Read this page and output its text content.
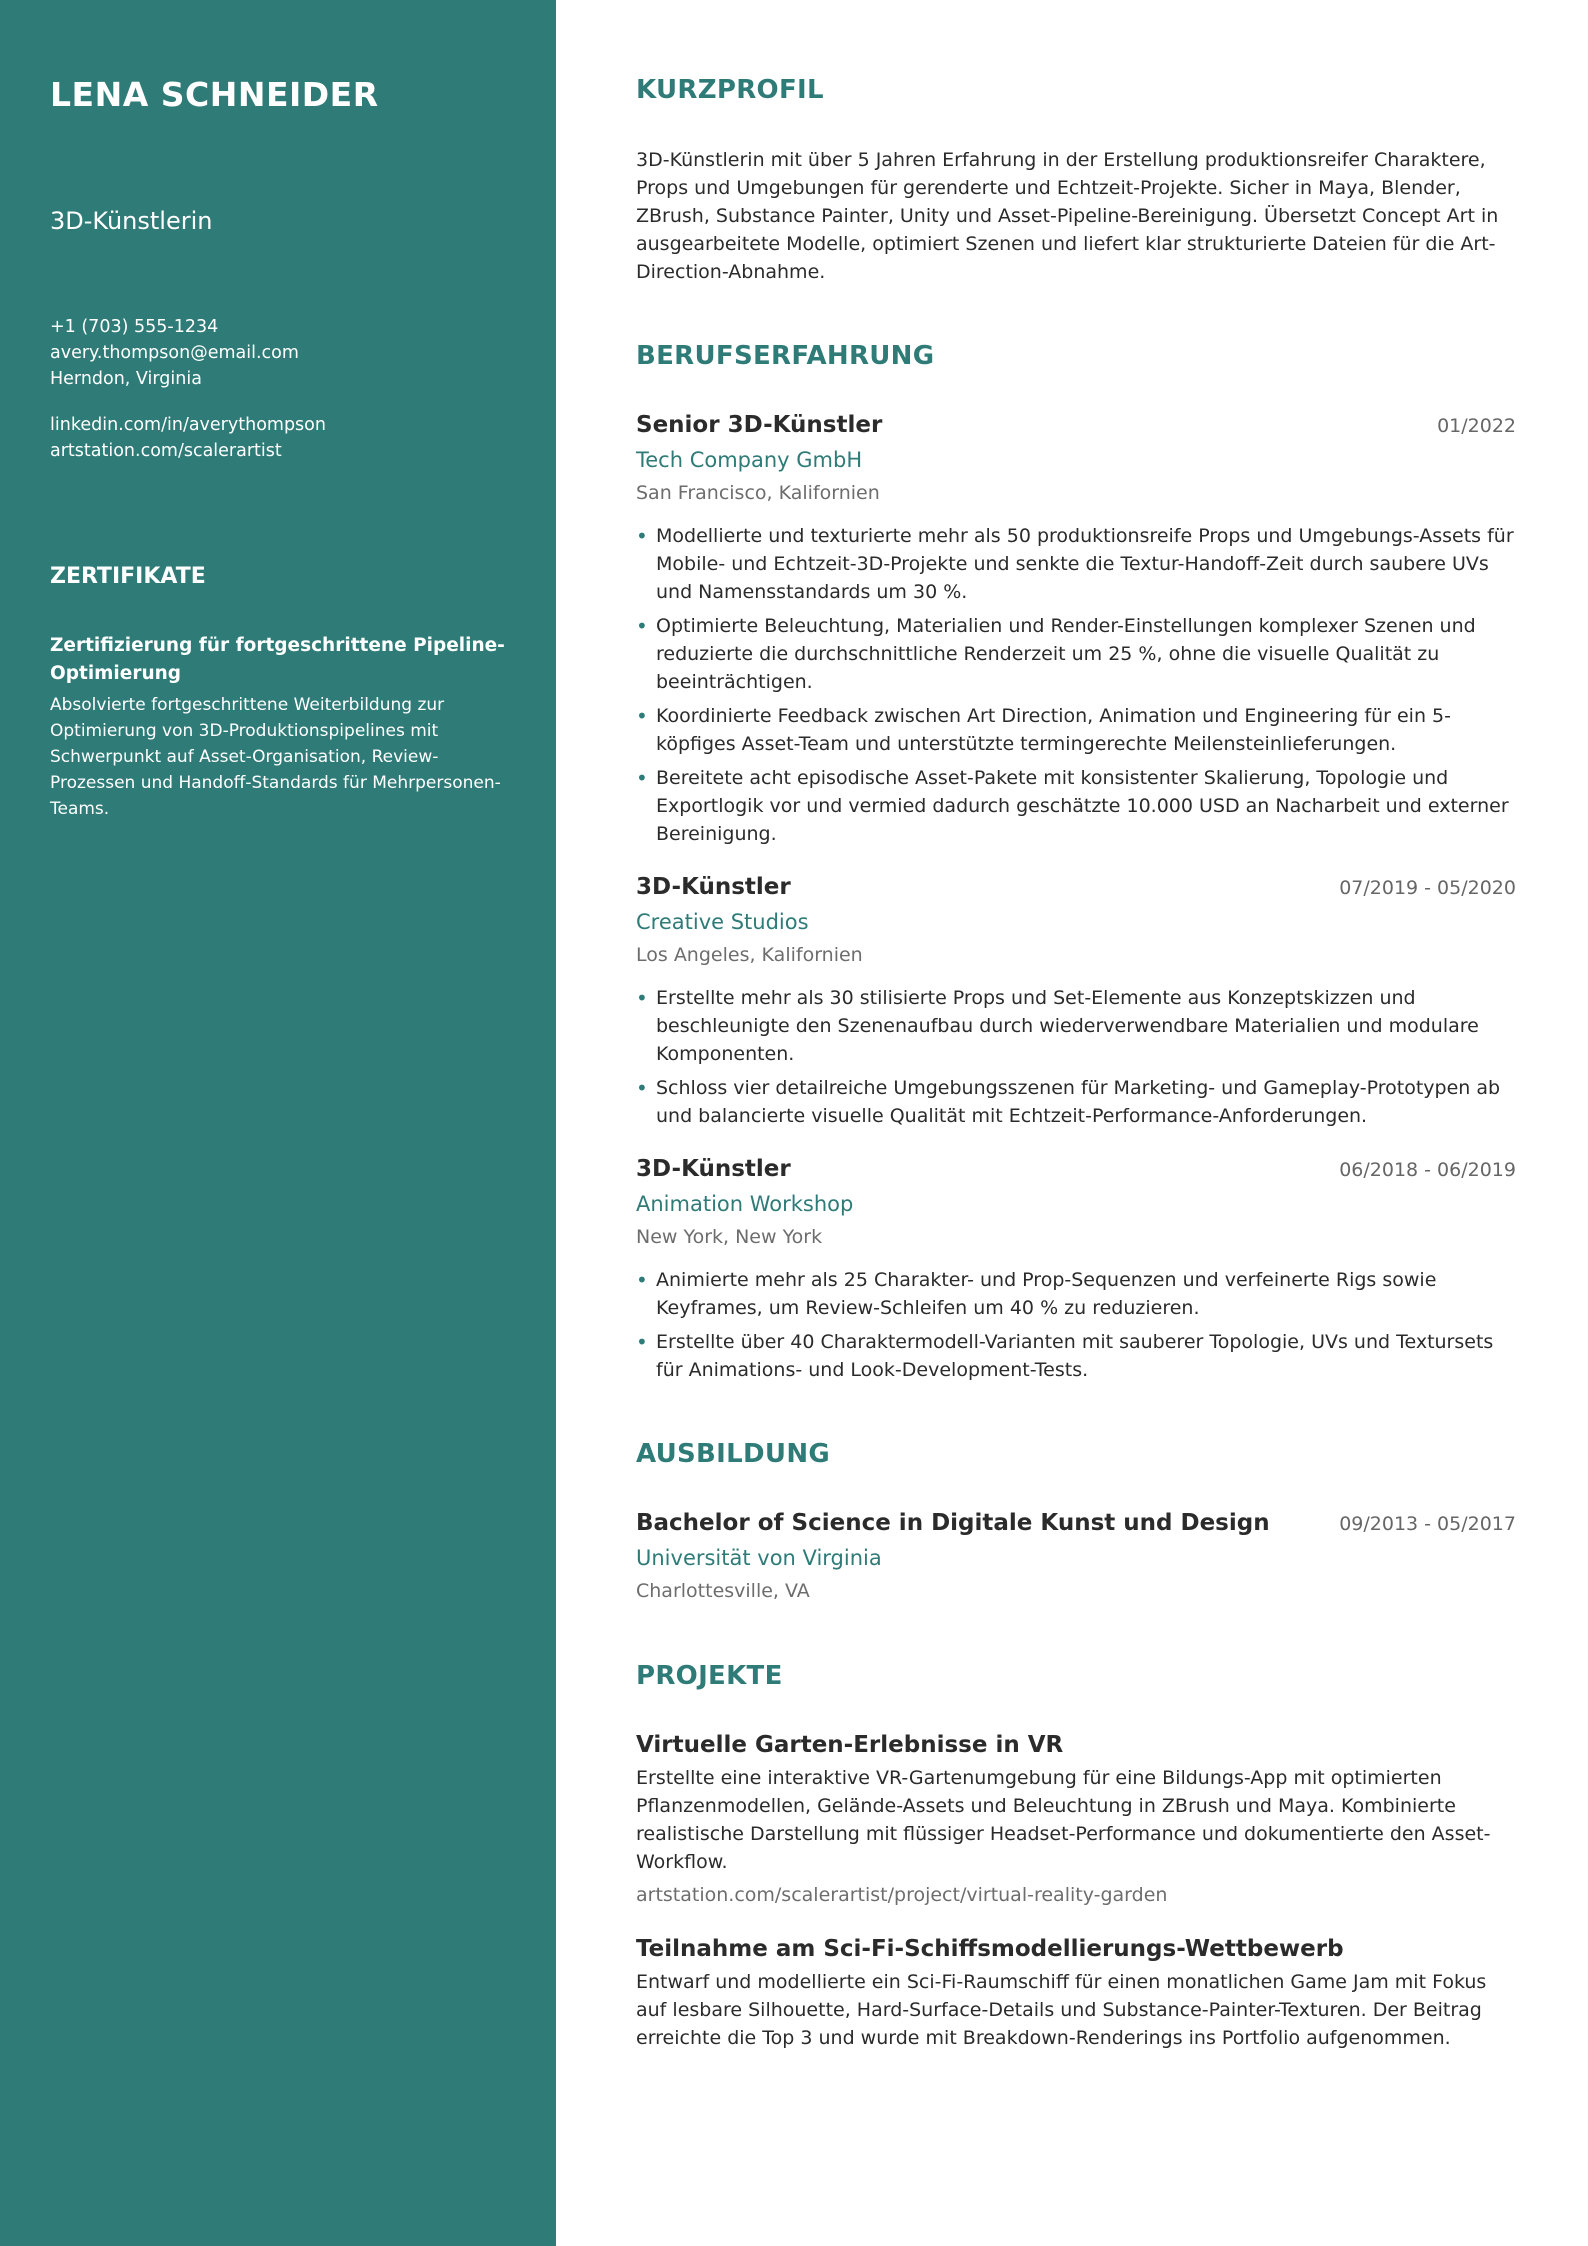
LENA SCHNEIDER
3D-Künstlerin
+1 (703) 555-1234
avery.thompson@email.com
Herndon, Virginia
linkedin.com/in/averythompson
artstation.com/scalerartist
ZERTIFIKATE
Zertifizierung für fortgeschrittene Pipeline-Optimierung
Absolvierte fortgeschrittene Weiterbildung zur Optimierung von 3D-Produktionspipelines mit Schwerpunkt auf Asset-Organisation, Review-Prozessen und Handoff-Standards für Mehrpersonen-Teams.
KURZPROFIL

3D-Künstlerin mit über 5 Jahren Erfahrung in der Erstellung produktionsreifer Charaktere, Props und Umgebungen für gerenderte und Echtzeit-Projekte. Sicher in Maya, Blender, ZBrush, Substance Painter, Unity und Asset-Pipeline-Bereinigung. Übersetzt Concept Art in ausgearbeitete Modelle, optimiert Szenen und liefert klar strukturierte Dateien für die Art-Direction-Abnahme.

BERUFSERFAHRUNG
Senior 3D-Künstler	01/2022
Tech Company GmbH
San Francisco, Kalifornien
• Modellierte und texturierte mehr als 50 produktionsreife Props und Umgebungs-Assets für Mobile- und Echtzeit-3D-Projekte und senkte die Textur-Handoff-Zeit durch saubere UVs und Namensstandards um 30 %.
• Optimierte Beleuchtung, Materialien und Render-Einstellungen komplexer Szenen und reduzierte die durchschnittliche Renderzeit um 25 %, ohne die visuelle Qualität zu beeinträchtigen.
• Koordinierte Feedback zwischen Art Direction, Animation und Engineering für ein 5-köpfiges Asset-Team und unterstützte termingerechte Meilensteinlieferungen.
• Bereitete acht episodische Asset-Pakete mit konsistenter Skalierung, Topologie und Exportlogik vor und vermied dadurch geschätzte 10.000 USD an Nacharbeit und externer Bereinigung.
3D-Künstler	07/2019 - 05/2020
Creative Studios
Los Angeles, Kalifornien
• Erstellte mehr als 30 stilisierte Props und Set-Elemente aus Konzeptskizzen und beschleunigte den Szenenaufbau durch wiederverwendbare Materialien und modulare Komponenten.
• Schloss vier detailreiche Umgebungsszenen für Marketing- und Gameplay-Prototypen ab und balancierte visuelle Qualität mit Echtzeit-Performance-Anforderungen.
3D-Künstler	06/2018 - 06/2019
Animation Workshop
New York, New York
• Animierte mehr als 25 Charakter- und Prop-Sequenzen und verfeinerte Rigs sowie Keyframes, um Review-Schleifen um 40 % zu reduzieren.
• Erstellte über 40 Charaktermodell-Varianten mit sauberer Topologie, UVs und Textursets für Animations- und Look-Development-Tests.
AUSBILDUNG
Bachelor of Science in Digitale Kunst und Design	09/2013 - 05/2017
Universität von Virginia
Charlottesville, VA
PROJEKTE
Virtuelle Garten-Erlebnisse in VR
Erstellte eine interaktive VR-Gartenumgebung für eine Bildungs-App mit optimierten Pflanzenmodellen, Gelände-Assets und Beleuchtung in ZBrush und Maya. Kombinierte realistische Darstellung mit flüssiger Headset-Performance und dokumentierte den Asset-Workflow.
artstation.com/scalerartist/project/virtual-reality-garden
Teilnahme am Sci-Fi-Schiffsmodellierungs-Wettbewerb
Entwarf und modellierte ein Sci-Fi-Raumschiff für einen monatlichen Game Jam mit Fokus auf lesbare Silhouette, Hard-Surface-Details und Substance-Painter-Texturen. Der Beitrag erreichte die Top 3 und wurde mit Breakdown-Renderings ins Portfolio aufgenommen.
